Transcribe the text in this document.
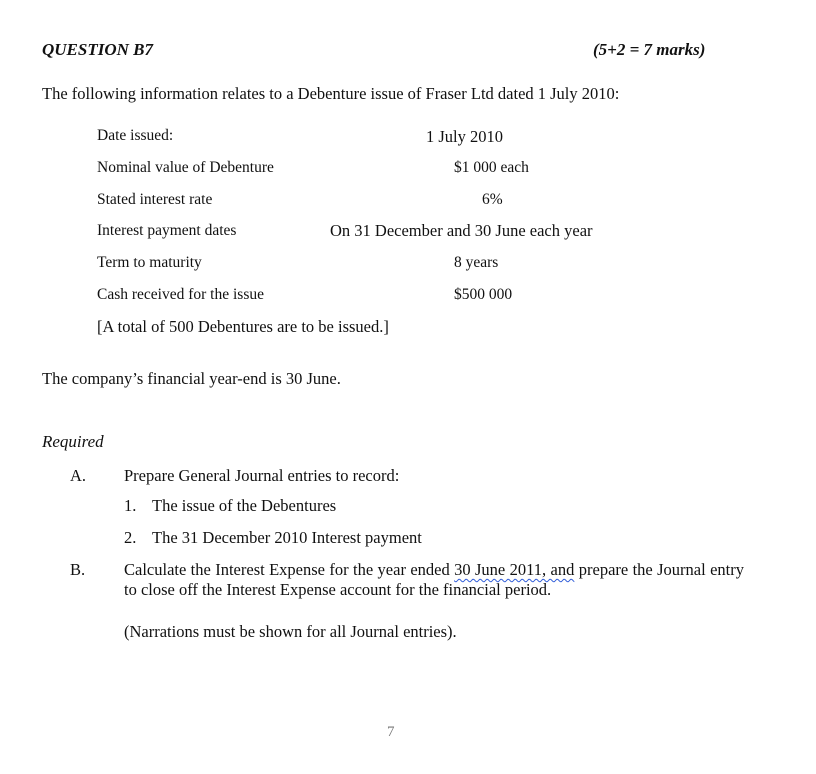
QUESTION B7	(5+2 = 7 marks)
The following information relates to a Debenture issue of Fraser Ltd dated 1 July 2010:
Date issued:	1 July 2010
Nominal value of Debenture	$1 000 each
Stated interest rate	6%
Interest payment dates	On 31 December and 30 June each year
Term to maturity	8 years
Cash received for the issue	$500 000
[A total of 500 Debentures are to be issued.]
The company’s financial year-end is 30 June.
Required
A. Prepare General Journal entries to record:
1. The issue of the Debentures
2. The 31 December 2010 Interest payment
B. Calculate the Interest Expense for the year ended 30 June 2011, and prepare the Journal entry to close off the Interest Expense account for the financial period.
(Narrations must be shown for all Journal entries).
7
